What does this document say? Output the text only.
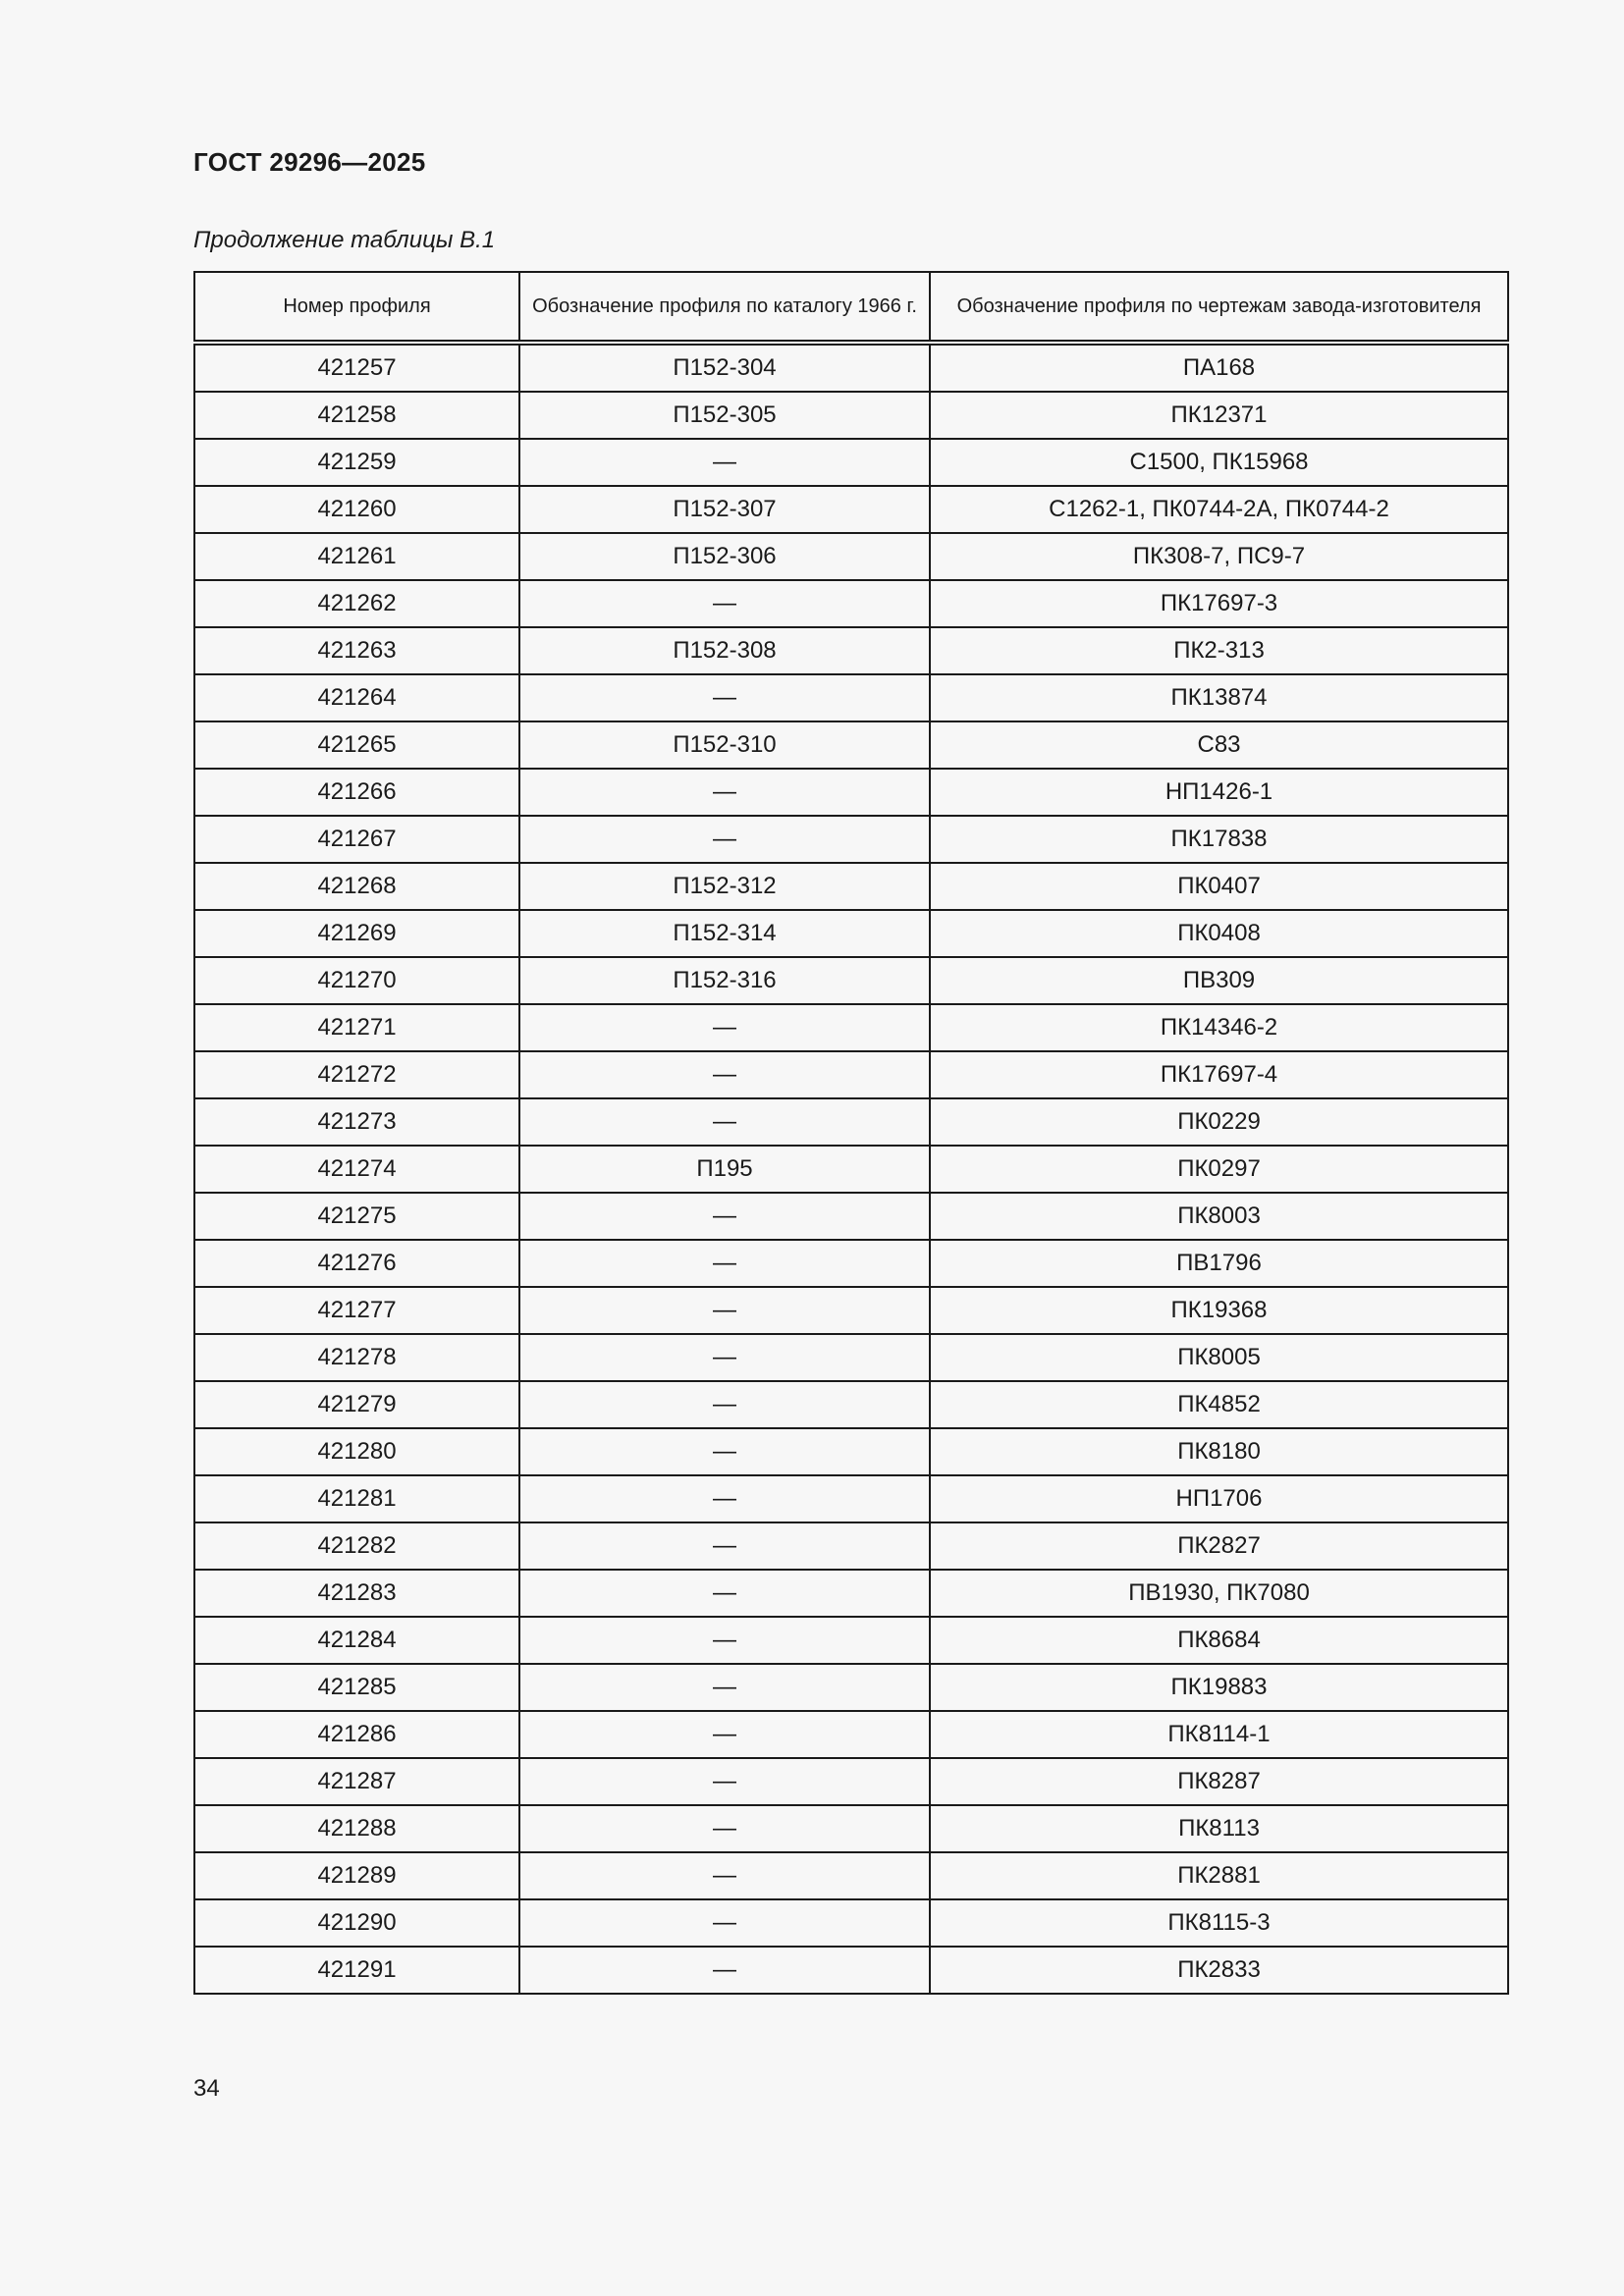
ГОСТ 29296—2025
Продолжение таблицы В.1
Номер профиля	Обозначение профиля по каталогу 1966 г.	Обозначение профиля по чертежам завода-изготовителя
421257	П152-304	ПА168
421258	П152-305	ПК12371
421259	—	С1500, ПК15968
421260	П152-307	С1262-1, ПК0744-2А, ПК0744-2
421261	П152-306	ПК308-7, ПС9-7
421262	—	ПК17697-3
421263	П152-308	ПК2-313
421264	—	ПК13874
421265	П152-310	С83
421266	—	НП1426-1
421267	—	ПК17838
421268	П152-312	ПК0407
421269	П152-314	ПК0408
421270	П152-316	ПВ309
421271	—	ПК14346-2
421272	—	ПК17697-4
421273	—	ПК0229
421274	П195	ПК0297
421275	—	ПК8003
421276	—	ПВ1796
421277	—	ПК19368
421278	—	ПК8005
421279	—	ПК4852
421280	—	ПК8180
421281	—	НП1706
421282	—	ПК2827
421283	—	ПВ1930, ПК7080
421284	—	ПК8684
421285	—	ПК19883
421286	—	ПК8114-1
421287	—	ПК8287
421288	—	ПК8113
421289	—	ПК2881
421290	—	ПК8115-3
421291	—	ПК2833
34
